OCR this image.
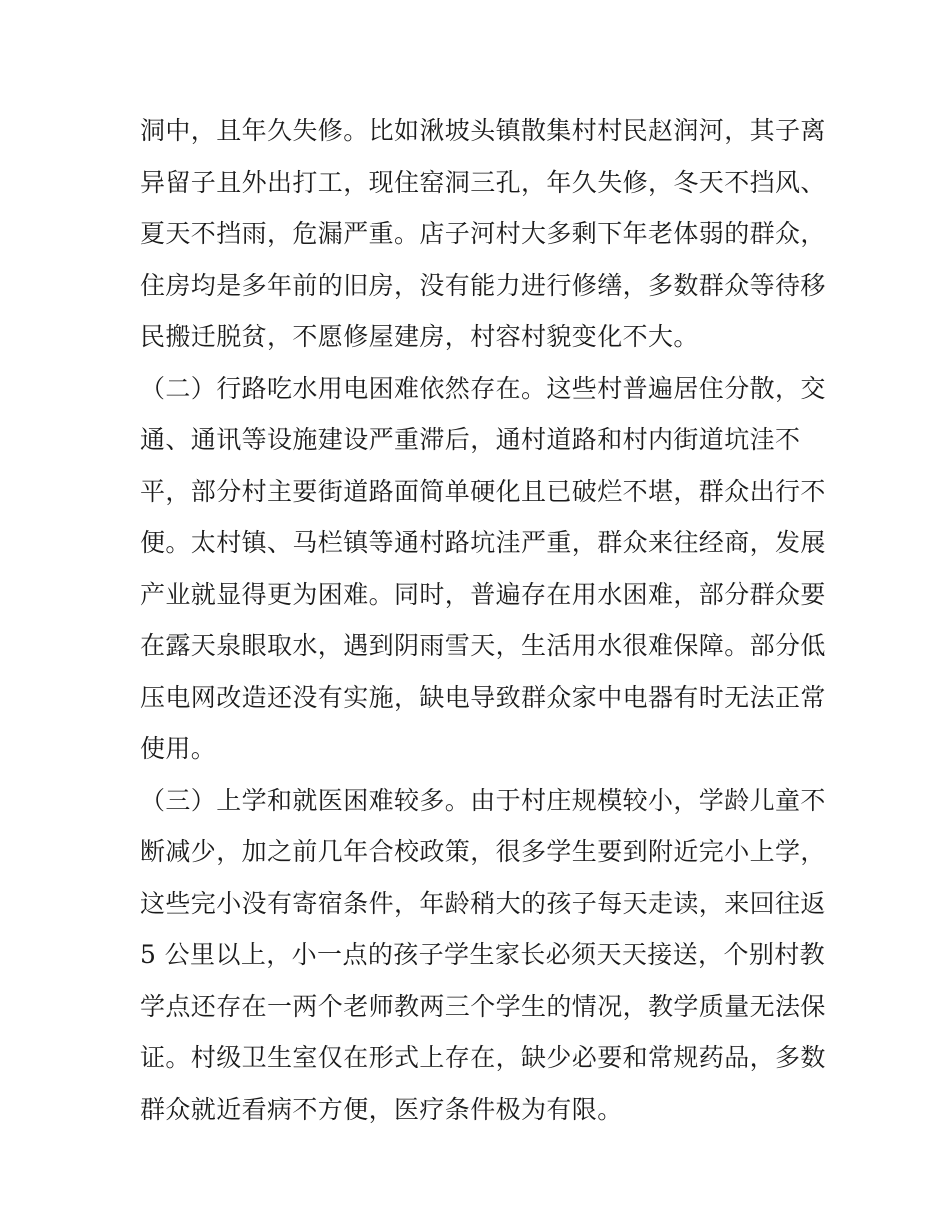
洞中，且年久失修。比如湫坡头镇散集村村民赵润河，其子离
异留子且外出打工，现住窑洞三孔，年久失修，冬天不挡风、
夏天不挡雨，危漏严重。店子河村大多剩下年老体弱的群众，
住房均是多年前的旧房，没有能力进行修缮，多数群众等待移
民搬迁脱贫，不愿修屋建房，村容村貌变化不大。
（二）行路吃水用电困难依然存在。这些村普遍居住分散，交
通、通讯等设施建设严重滞后，通村道路和村内街道坑洼不
平，部分村主要街道路面简单硬化且已破烂不堪，群众出行不
便。太村镇、马栏镇等通村路坑洼严重，群众来往经商，发展
产业就显得更为困难。同时，普遍存在用水困难，部分群众要
在露天泉眼取水，遇到阴雨雪天，生活用水很难保障。部分低
压电网改造还没有实施，缺电导致群众家中电器有时无法正常
使用。
（三）上学和就医困难较多。由于村庄规模较小，学龄儿童不
断减少，加之前几年合校政策，很多学生要到附近完小上学，
这些完小没有寄宿条件，年龄稍大的孩子每天走读，来回往返
5 公里以上，小一点的孩子学生家长必须天天接送，个别村教
学点还存在一两个老师教两三个学生的情况，教学质量无法保
证。村级卫生室仅在形式上存在，缺少必要和常规药品，多数
群众就近看病不方便，医疗条件极为有限。
